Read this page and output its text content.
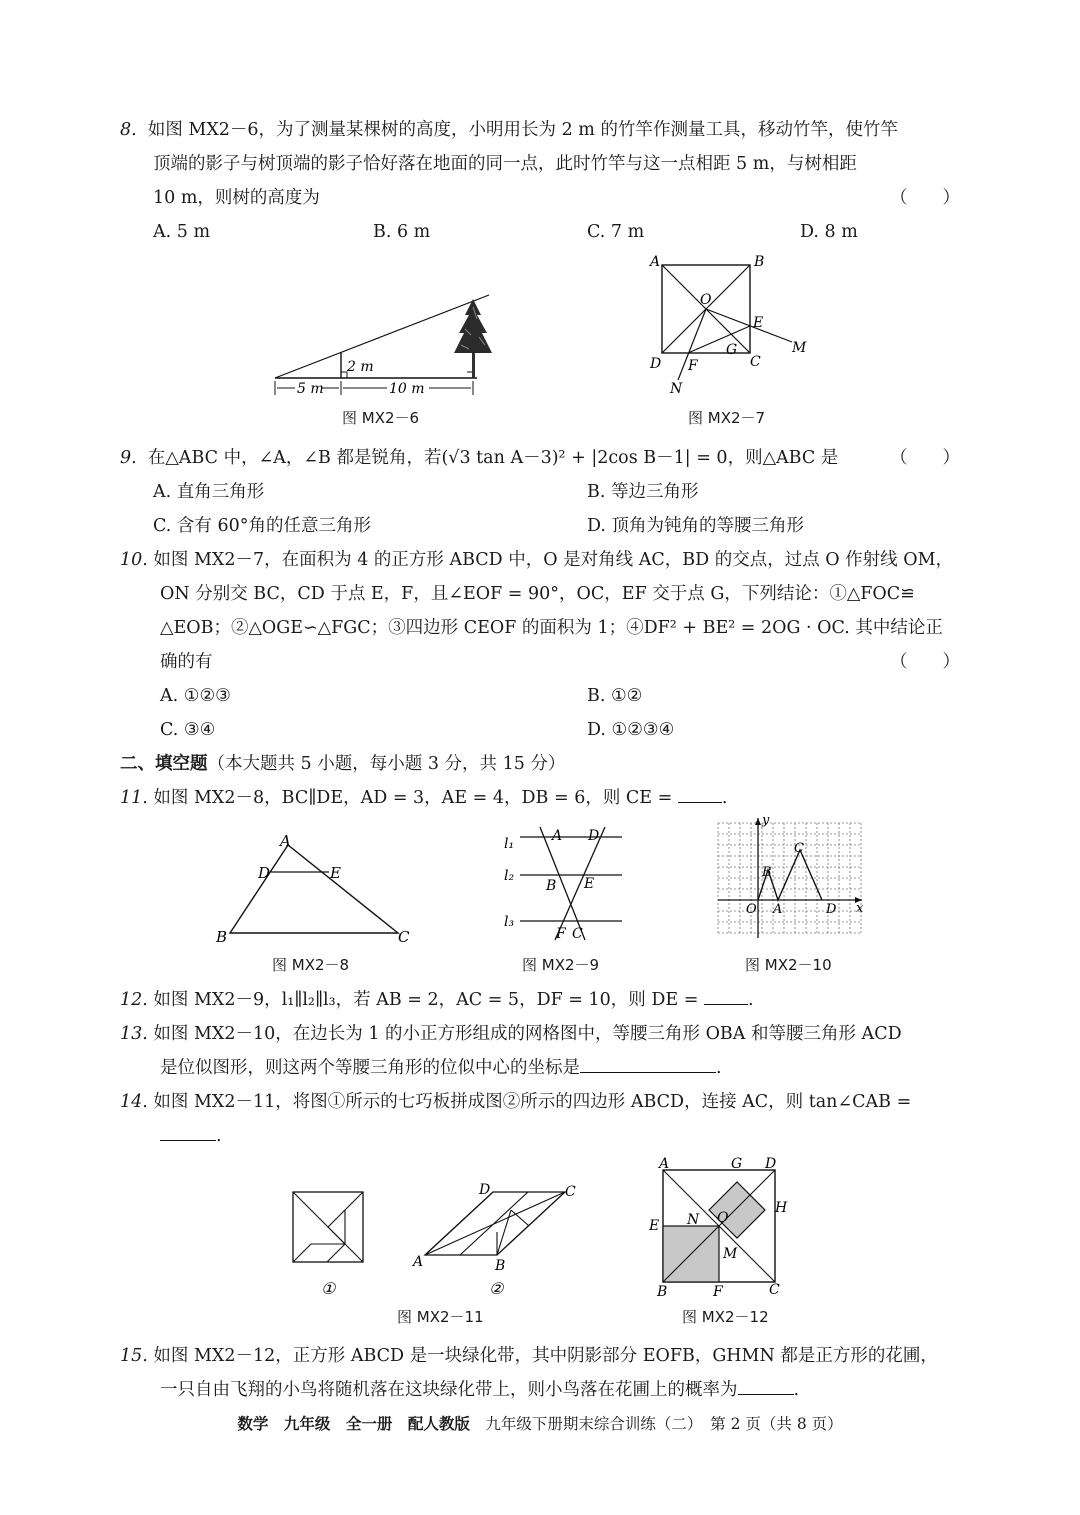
8. 如图 MX2－6，为了测量某棵树的高度，小明用长为 2 m 的竹竿作测量工具，移动竹竿，使竹竿
顶端的影子与树顶端的影子恰好落在地面的同一点，此时竹竿与这一点相距 5 m，与树相距
10 m，则树的高度为	（　　）
A. 5 m	B. 6 m	C. 7 m	D. 8 m
2 m
5 m	10 m
图 MX2－6
A	B
C
D
O
E
G
F
M
N
图 MX2－7
9. 在△ABC 中，∠A，∠B 都是锐角，若(√3 tan A－3)² + |2cos B－1| = 0，则△ABC 是	（　　）
A. 直角三角形	B. 等边三角形
C. 含有 60°角的任意三角形	D. 顶角为钝角的等腰三角形
10. 如图 MX2－7，在面积为 4 的正方形 ABCD 中，O 是对角线 AC，BD 的交点，过点 O 作射线 OM，
ON 分别交 BC，CD 于点 E，F，且∠EOF = 90°，OC，EF 交于点 G，下列结论：①△FOC≌
△EOB；②△OGE∽△FGC；③四边形 CEOF 的面积为 1；④DF² + BE² = 2OG · OC. 其中结论正
确的有	（　　）
A. ①②③	B. ①②
C. ③④	D. ①②③④
二、填空题（本大题共 5 小题，每小题 3 分，共 15 分）
11. 如图 MX2－8，BC∥DE，AD = 3，AE = 4，DB = 6，则 CE =	.
A
D	E
B	C
图 MX2－8
l₁
l₂
l₃
A D
B E
F C
图 MX2－9
y
x
O A
B
C
D
图 MX2－10
12. 如图 MX2－9，l₁∥l₂∥l₃，若 AB = 2，AC = 5，DF = 10，则 DE =	.
13. 如图 MX2－10，在边长为 1 的小正方形组成的网格图中，等腰三角形 OBA 和等腰三角形 ACD
是位似图形，则这两个等腰三角形的位似中心的坐标是	.
14. 如图 MX2－11，将图①所示的七巧板拼成图②所示的四边形 ABCD，连接 AC，则 tan∠CAB =
.
①
A	B
C
D
②
图 MX2－11
A	G D
H
E N O
M
B	F	C
图 MX2－12
15. 如图 MX2－12，正方形 ABCD 是一块绿化带，其中阴影部分 EOFB，GHMN 都是正方形的花圃，
一只自由飞翔的小鸟将随机落在这块绿化带上，则小鸟落在花圃上的概率为	.
数学　九年级　全一册　配人教版　 九年级下册期末综合训练（二）　第 2 页（共 8 页）
